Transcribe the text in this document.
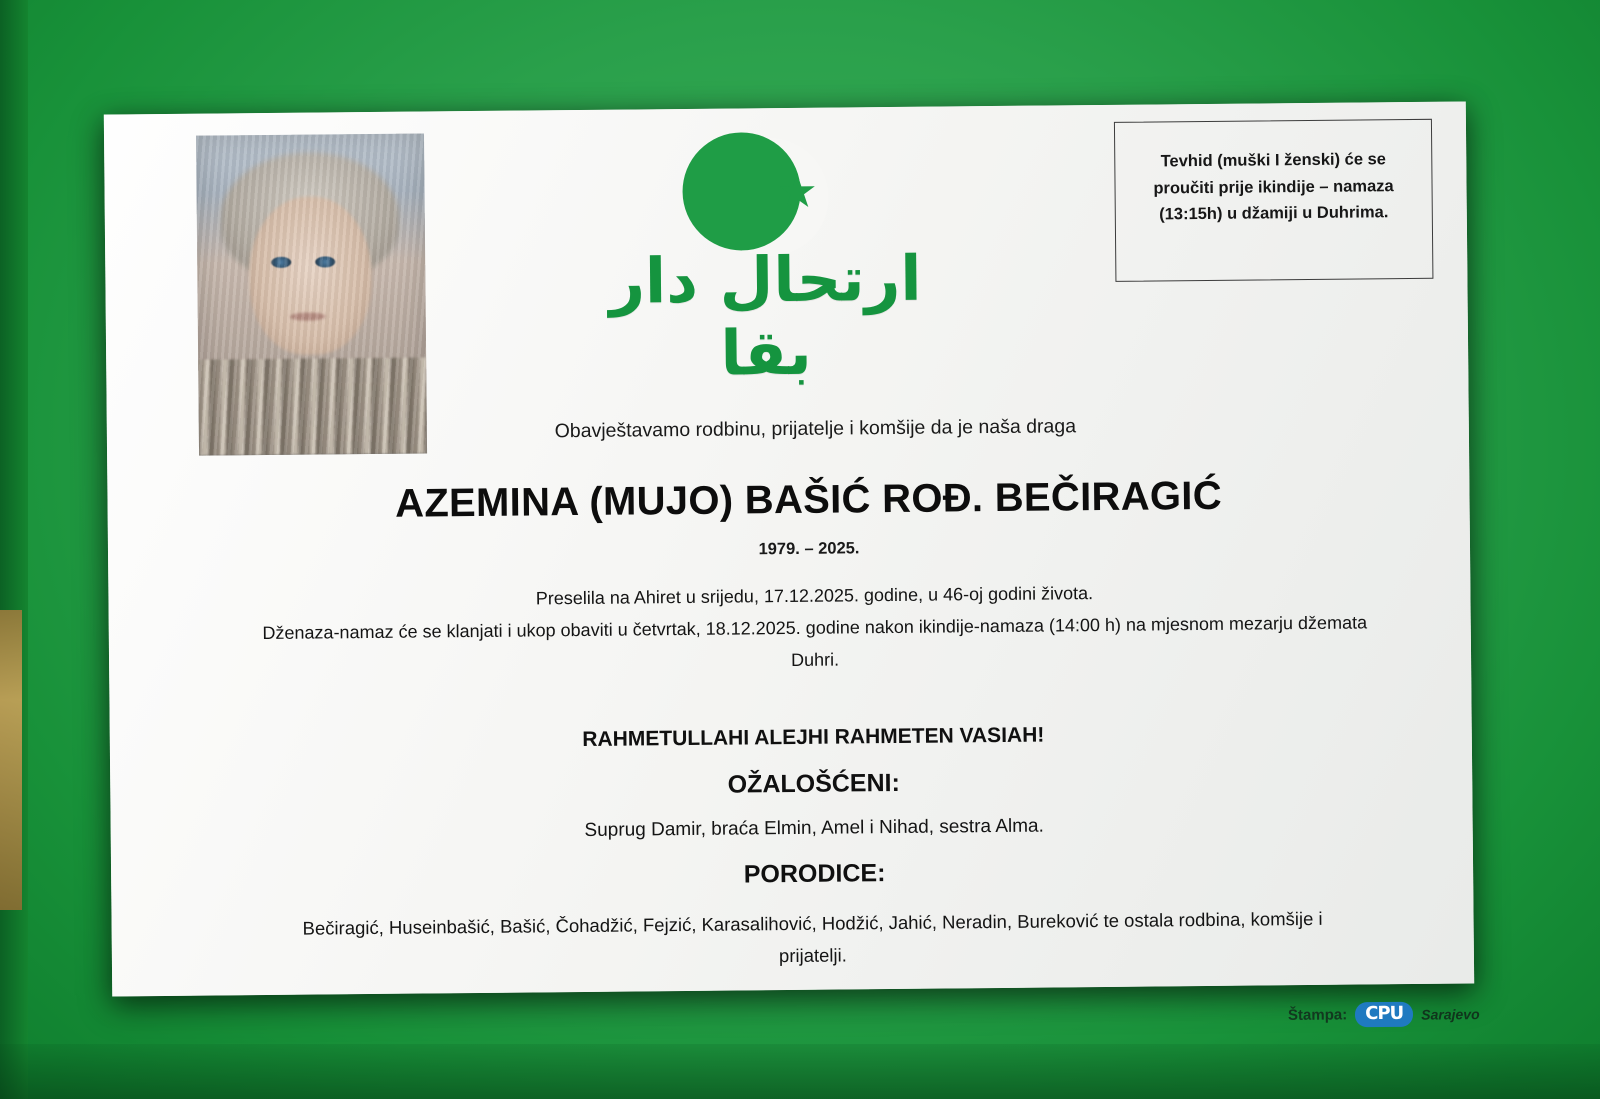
★
ارتحال دار بقا
Tevhid (muški I ženski) će se proučiti prije ikindije – namaza (13:15h) u džamiji u Duhrima.
Obavještavamo rodbinu, prijatelje i komšije da je naša draga
AZEMINA (MUJO) BAŠIĆ ROĐ. BEČIRAGIĆ
1979. – 2025.
Preselila na Ahiret u srijedu, 17.12.2025. godine, u 46-oj godini života.
Dženaza-namaz će se klanjati i ukop obaviti u četvrtak, 18.12.2025. godine nakon ikindije-namaza (14:00 h) na mjesnom mezarju džemata Duhri.
RAHMETULLAHI ALEJHI RAHMETEN VASIAH!
OŽALOŠĆENI:
Suprug Damir, braća Elmin, Amel i Nihad, sestra Alma.
PORODICE:
Bečiragić, Huseinbašić, Bašić, Čohadžić, Fejzić, Karasalihović, Hodžić, Jahić, Neradin, Bureković te ostala rodbina, komšije i prijatelji.
Štampa: CPU	Sarajevo
